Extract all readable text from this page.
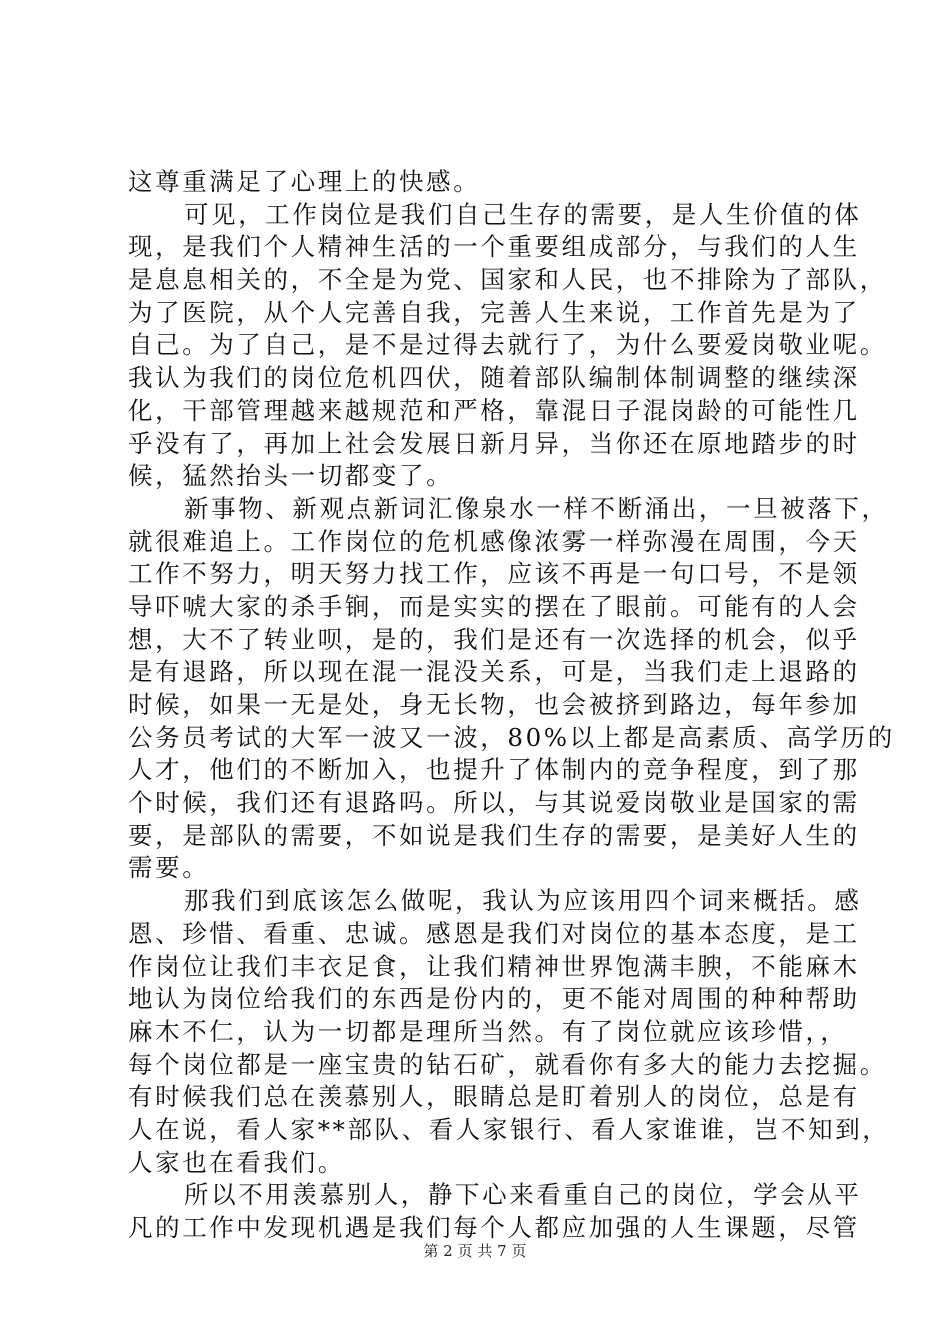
这尊重满足了心理上的快感。
可见，工作岗位是我们自己生存的需要，是人生价值的体
现，是我们个人精神生活的一个重要组成部分，与我们的人生
是息息相关的，不全是为党、国家和人民，也不排除为了部队，
为了医院，从个人完善自我，完善人生来说，工作首先是为了
自己。为了自己，是不是过得去就行了，为什么要爱岗敬业呢。
我认为我们的岗位危机四伏，随着部队编制体制调整的继续深
化，干部管理越来越规范和严格，靠混日子混岗龄的可能性几
乎没有了，再加上社会发展日新月异，当你还在原地踏步的时
候，猛然抬头一切都变了。
新事物、新观点新词汇像泉水一样不断涌出，一旦被落下，
就很难追上。工作岗位的危机感像浓雾一样弥漫在周围，今天
工作不努力，明天努力找工作，应该不再是一句口号，不是领
导吓唬大家的杀手锏，而是实实的摆在了眼前。可能有的人会
想，大不了转业呗，是的，我们是还有一次选择的机会，似乎
是有退路，所以现在混一混没关系，可是，当我们走上退路的
时候，如果一无是处，身无长物，也会被挤到路边，每年参加
公务员考试的大军一波又一波，80%以上都是高素质、高学历的
人才，他们的不断加入，也提升了体制内的竞争程度，到了那
个时候，我们还有退路吗。所以，与其说爱岗敬业是国家的需
要，是部队的需要，不如说是我们生存的需要，是美好人生的
需要。
那我们到底该怎么做呢，我认为应该用四个词来概括。感
恩、珍惜、看重、忠诚。感恩是我们对岗位的基本态度，是工
作岗位让我们丰衣足食，让我们精神世界饱满丰腴，不能麻木
地认为岗位给我们的东西是份内的，更不能对周围的种种帮助
麻木不仁，认为一切都是理所当然。有了岗位就应该珍惜，，
每个岗位都是一座宝贵的钻石矿，就看你有多大的能力去挖掘。
有时候我们总在羡慕别人，眼睛总是盯着别人的岗位，总是有
人在说，看人家**部队、看人家银行、看人家谁谁，岂不知到，
人家也在看我们。
所以不用羡慕别人，静下心来看重自己的岗位，学会从平
凡的工作中发现机遇是我们每个人都应加强的人生课题，尽管
第 2 页 共 7 页
